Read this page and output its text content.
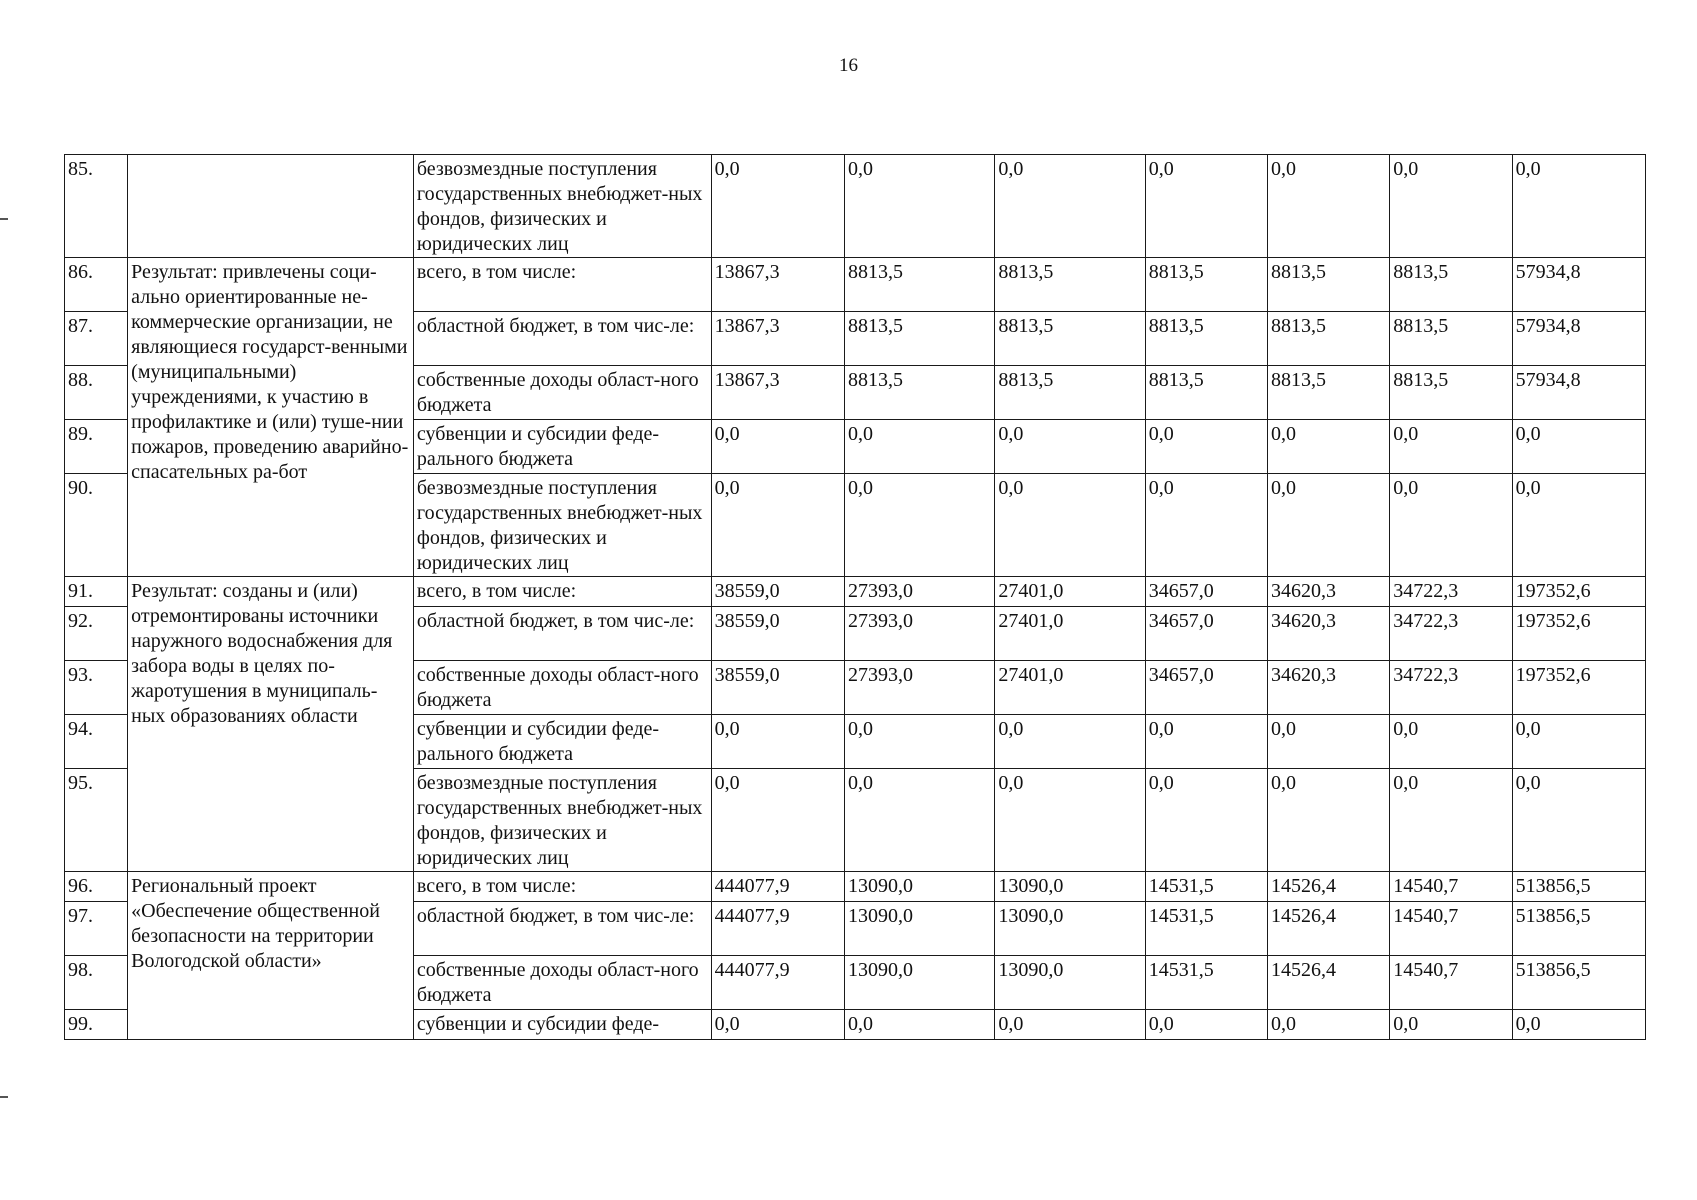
16
85.		безвозмездные поступления государственных внебюджет-ных фондов, физических и юридических лиц	0,0	0,0	0,0	0,0	0,0	0,0	0,0
86.	Результат: привлечены соци-ально ориентированные не-коммерческие организации, не являющиеся государст-венными (муниципальными) учреждениями, к участию в профилактике и (или) туше-нии пожаров, проведению аварийно-спасательных ра-бот	всего, в том числе:	13867,3	8813,5	8813,5	8813,5	8813,5	8813,5	57934,8
87.		областной бюджет, в том чис-ле:	13867,3	8813,5	8813,5	8813,5	8813,5	8813,5	57934,8
88.		собственные доходы област-ного бюджета	13867,3	8813,5	8813,5	8813,5	8813,5	8813,5	57934,8
89.		субвенции и субсидии феде-рального бюджета	0,0	0,0	0,0	0,0	0,0	0,0	0,0
90.		безвозмездные поступления государственных внебюджет-ных фондов, физических и юридических лиц	0,0	0,0	0,0	0,0	0,0	0,0	0,0
91.	Результат: созданы и (или) отремонтированы источники наружного водоснабжения для забора воды в целях по-жаротушения в муниципаль-ных образованиях области	всего, в том числе:	38559,0	27393,0	27401,0	34657,0	34620,3	34722,3	197352,6
92.		областной бюджет, в том чис-ле:	38559,0	27393,0	27401,0	34657,0	34620,3	34722,3	197352,6
93.		собственные доходы област-ного бюджета	38559,0	27393,0	27401,0	34657,0	34620,3	34722,3	197352,6
94.		субвенции и субсидии феде-рального бюджета	0,0	0,0	0,0	0,0	0,0	0,0	0,0
95.		безвозмездные поступления государственных внебюджет-ных фондов, физических и юридических лиц	0,0	0,0	0,0	0,0	0,0	0,0	0,0
96.	Региональный проект «Обеспечение общественной безопасности на территории Вологодской области»	всего, в том числе:	444077,9	13090,0	13090,0	14531,5	14526,4	14540,7	513856,5
97.		областной бюджет, в том чис-ле:	444077,9	13090,0	13090,0	14531,5	14526,4	14540,7	513856,5
98.		собственные доходы област-ного бюджета	444077,9	13090,0	13090,0	14531,5	14526,4	14540,7	513856,5
99.		субвенции и субсидии феде-	0,0	0,0	0,0	0,0	0,0	0,0	0,0
